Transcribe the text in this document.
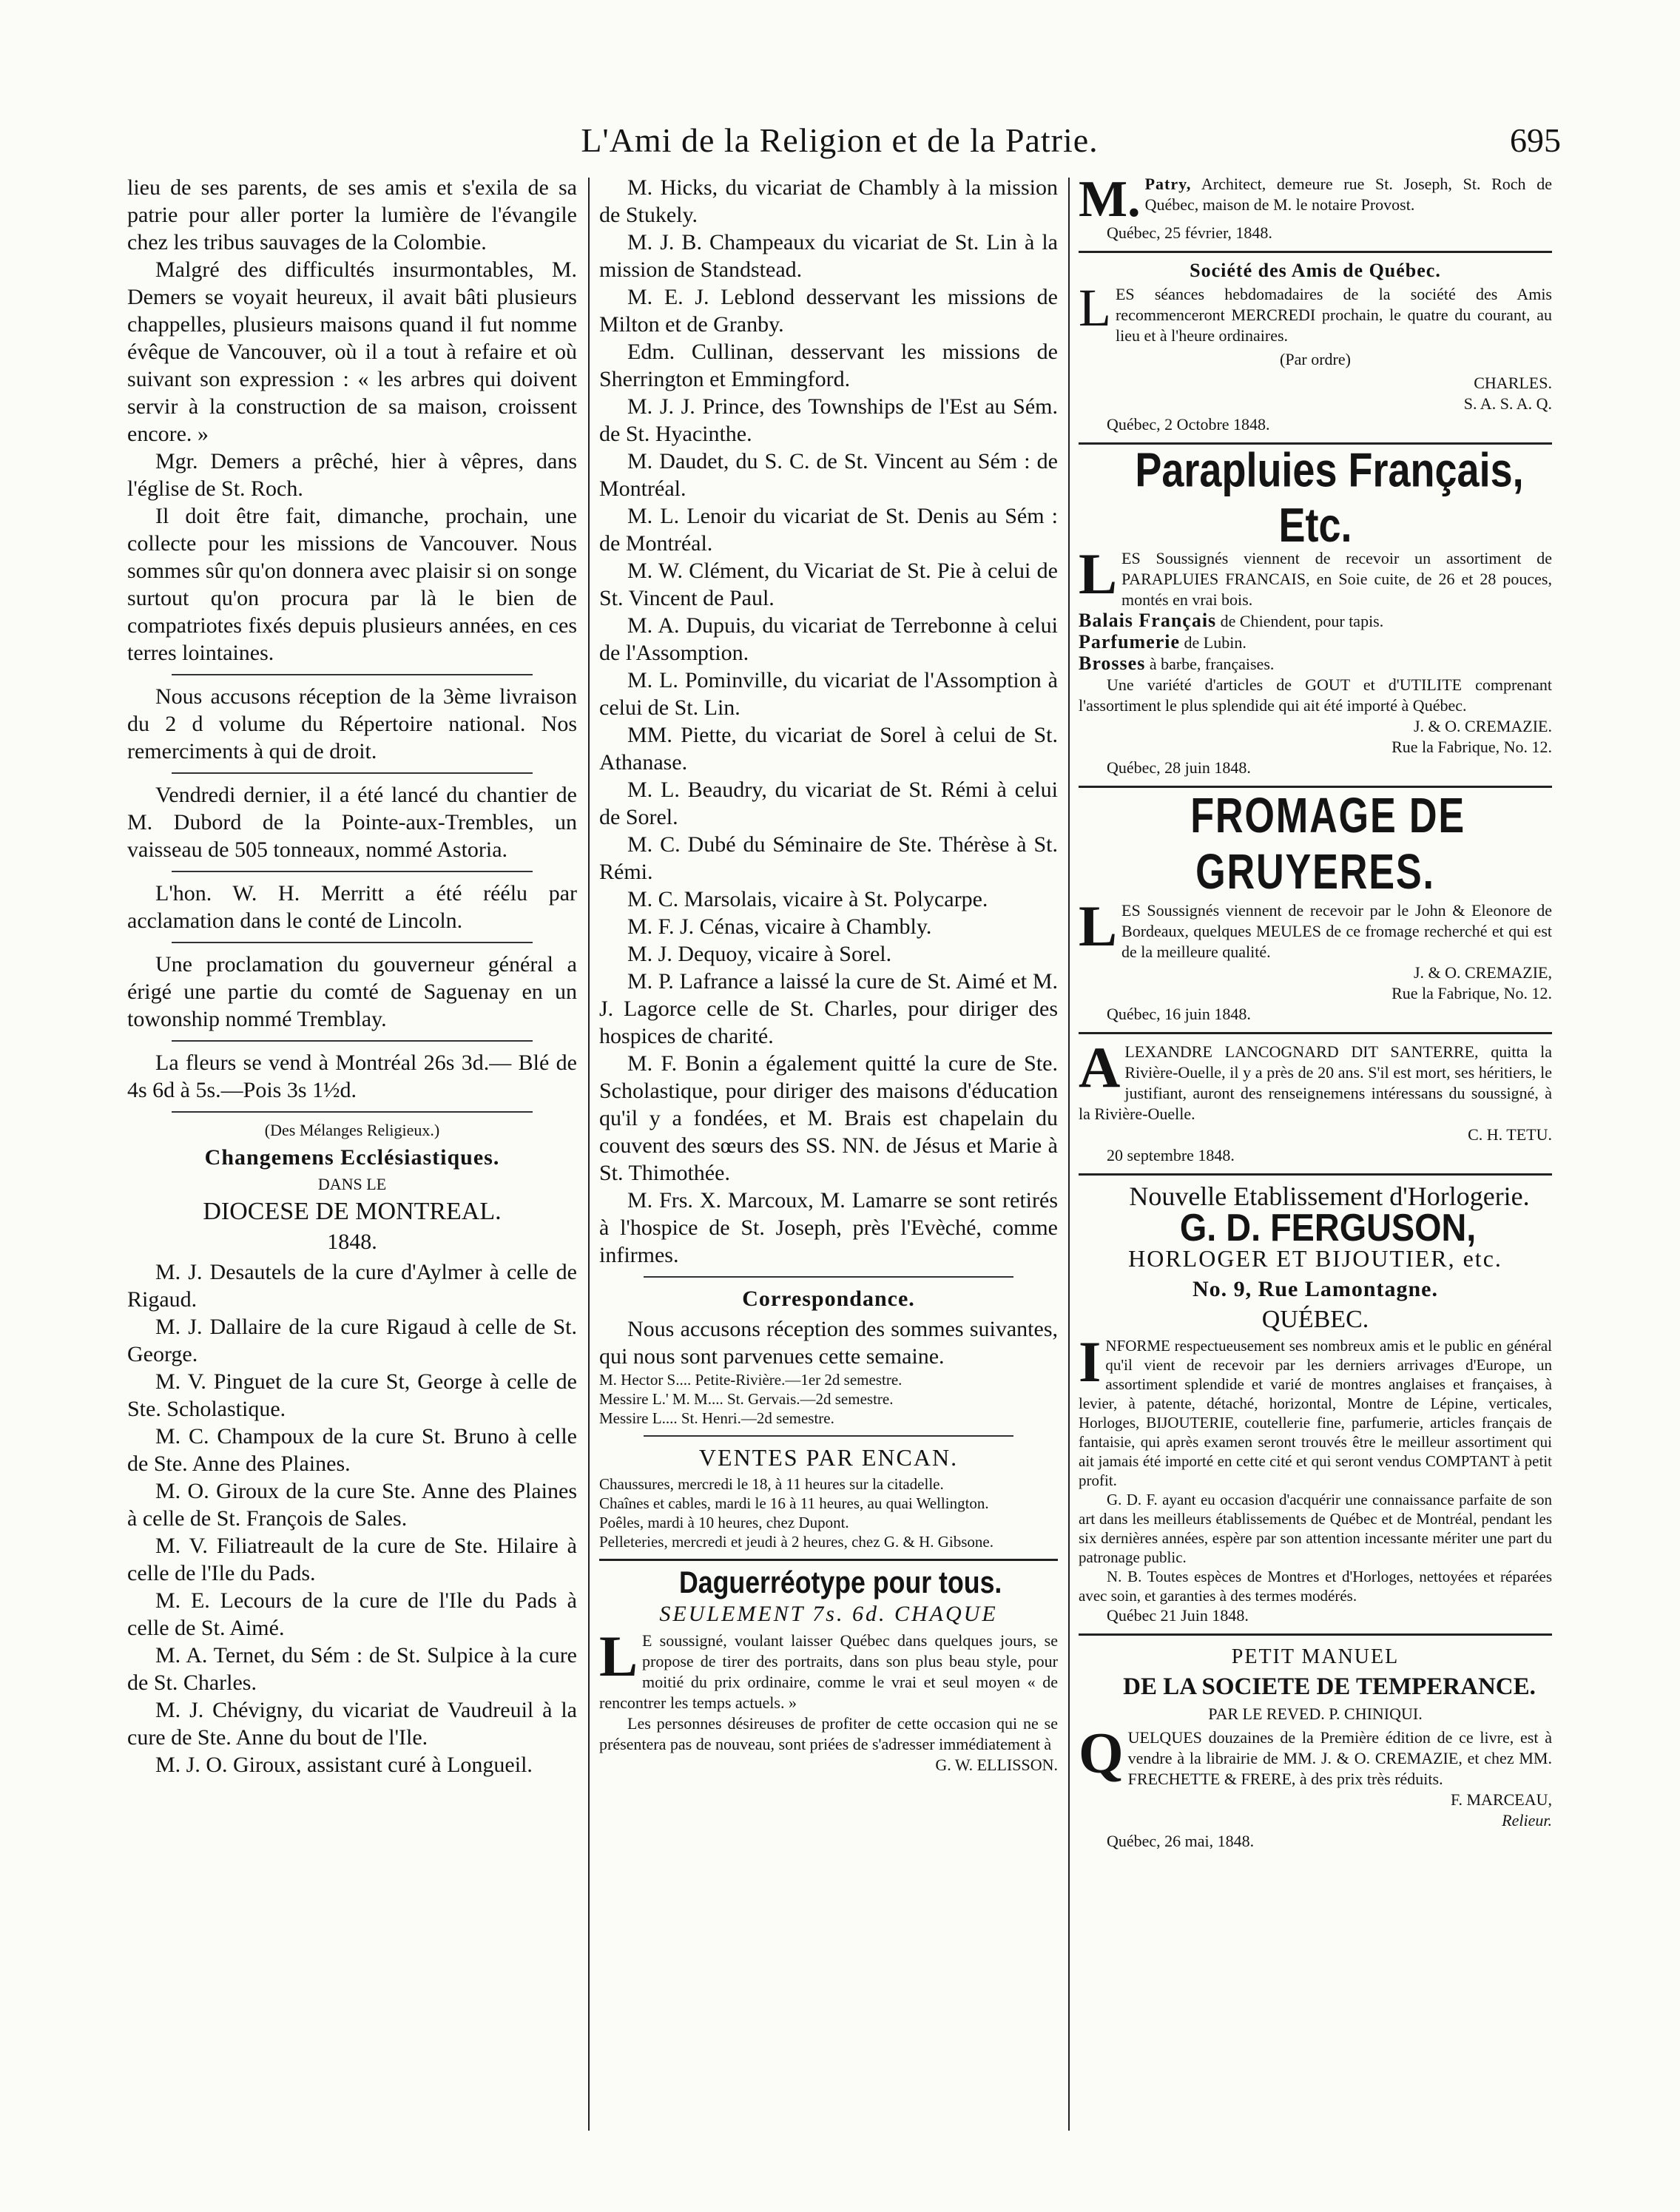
L'Ami de la Religion et de la Patrie.	695

lieu de ses parents, de ses amis et s'exila de sa patrie pour aller porter la lumière de l'évangile chez les tribus sauvages de la Colombie.

Malgré des difficultés insurmontables, M. Demers se voyait heureux, il avait bâti plusieurs chappelles, plusieurs maisons quand il fut nomme évêque de Vancouver, où il a tout à refaire et où suivant son expression : « les arbres qui doivent servir à la construction de sa maison, croissent encore. »

Mgr. Demers a prêché, hier à vêpres, dans l'église de St. Roch.

Il doit être fait, dimanche, prochain, une collecte pour les missions de Vancouver. Nous sommes sûr qu'on donnera avec plaisir si on songe surtout qu'on procura par là le bien de compatriotes fixés depuis plusieurs années, en ces terres lointaines.

Nous accusons réception de la 3ème livraison du 2 d volume du Répertoire national. Nos remerciments à qui de droit.

Vendredi dernier, il a été lancé du chantier de M. Dubord de la Pointe-aux-Trembles, un vaisseau de 505 tonneaux, nommé Astoria.

L'hon. W. H. Merritt a été réélu par acclamation dans le conté de Lincoln.

Une proclamation du gouverneur général a érigé une partie du comté de Saguenay en un towonship nommé Tremblay.

La fleurs se vend à Montréal 26s 3d.— Blé de 4s 6d à 5s.—Pois 3s 1½d.

(Des Mélanges Religieux.)

Changemens Ecclésiastiques.

DANS LE

DIOCESE DE MONTREAL.

1848.

M. J. Desautels de la cure d'Aylmer à celle de Rigaud.

M. J. Dallaire de la cure Rigaud à celle de St. George.

M. V. Pinguet de la cure St, George à celle de Ste. Scholastique.

M. C. Champoux de la cure St. Bruno à celle de Ste. Anne des Plaines.

M. O. Giroux de la cure Ste. Anne des Plaines à celle de St. François de Sales.

M. V. Filiatreault de la cure de Ste. Hilaire à celle de l'Ile du Pads.

M. E. Lecours de la cure de l'Ile du Pads à celle de St. Aimé.

M. A. Ternet, du Sém : de St. Sulpice à la cure de St. Charles.

M. J. Chévigny, du vicariat de Vaudreuil à la cure de Ste. Anne du bout de l'Ile.

M. J. O. Giroux, assistant curé à Longueil.

M. Hicks, du vicariat de Chambly à la mission de Stukely.

M. J. B. Champeaux du vicariat de St. Lin à la mission de Standstead.

M. E. J. Leblond desservant les missions de Milton et de Granby.

Edm. Cullinan, desservant les missions de Sherrington et Emmingford.

M. J. J. Prince, des Townships de l'Est au Sém. de St. Hyacinthe.

M. Daudet, du S. C. de St. Vincent au Sém : de Montréal.

M. L. Lenoir du vicariat de St. Denis au Sém : de Montréal.

M. W. Clément, du Vicariat de St. Pie à celui de St. Vincent de Paul.

M. A. Dupuis, du vicariat de Terrebonne à celui de l'Assomption.

M. L. Pominville, du vicariat de l'Assomption à celui de St. Lin.

MM. Piette, du vicariat de Sorel à celui de St. Athanase.

M. L. Beaudry, du vicariat de St. Rémi à celui de Sorel.

M. C. Dubé du Séminaire de Ste. Thérèse à St. Rémi.

M. C. Marsolais, vicaire à St. Polycarpe.

M. F. J. Cénas, vicaire à Chambly.

M. J. Dequoy, vicaire à Sorel.

M. P. Lafrance a laissé la cure de St. Aimé et M. J. Lagorce celle de St. Charles, pour diriger des hospices de charité.

M. F. Bonin a également quitté la cure de Ste. Scholastique, pour diriger des maisons d'éducation qu'il y a fondées, et M. Brais est chapelain du couvent des sœurs des SS. NN. de Jésus et Marie à St. Thimothée.

M. Frs. X. Marcoux, M. Lamarre se sont retirés à l'hospice de St. Joseph, près l'Evèché, comme infirmes.

Correspondance.

Nous accusons réception des sommes suivantes, qui nous sont parvenues cette semaine.

M. Hector S.... Petite-Rivière.—1er 2d semestre.

Messire L.' M. M.... St. Gervais.—2d semestre.

Messire L.... St. Henri.—2d semestre.

VENTES PAR ENCAN.

Chaussures, mercredi le 18, à 11 heures sur la citadelle.

Chaînes et cables, mardi le 16 à 11 heures, au quai Wellington.

Poêles, mardi à 10 heures, chez Dupont.

Pelleteries, mercredi et jeudi à 2 heures, chez G. & H. Gibsone.

Daguerréotype pour tous.

SEULEMENT 7s. 6d. CHAQUE

L E soussigné, voulant laisser Québec dans quelques jours, se propose de tirer des portraits, dans son plus beau style, pour moitié du prix ordinaire, comme le vrai et seul moyen « de rencontrer les temps actuels. »

Les personnes désireuses de profiter de cette occasion qui ne se présentera pas de nouveau, sont priées de s'adresser immédiatement à

G. W. ELLISSON.

M. Patry, Architect, demeure rue St. Joseph, St. Roch de Québec, maison de M. le notaire Provost.

Québec, 25 février, 1848.

Société des Amis de Québec.

LES séances hebdomadaires de la société des Amis recommenceront MERCREDI prochain, le quatre du courant, au lieu et à l'heure ordinaires.

(Par ordre)

CHARLES.

S. A. S. A. Q.

Québec, 2 Octobre 1848.

Parapluies Français, Etc.

LES Soussignés viennent de recevoir un assortiment de PARAPLUIES FRANCAIS, en Soie cuite, de 26 et 28 pouces, montés en vrai bois.

Balais Français de Chiendent, pour tapis.

Parfumerie de Lubin.

Brosses à barbe, françaises.

Une variété d'articles de GOUT et d'UTILITE comprenant l'assortiment le plus splendide qui ait été importé à Québec.

J. & O. CREMAZIE.

Rue la Fabrique, No. 12.

Québec, 28 juin 1848.

FROMAGE DE GRUYERES.

LES Soussignés viennent de recevoir par le John & Eleonore de Bordeaux, quelques MEULES de ce fromage recherché et qui est de la meilleure qualité.

J. & O. CREMAZIE,

Rue la Fabrique, No. 12.

Québec, 16 juin 1848.

ALEXANDRE LANCOGNARD DIT SANTERRE, quitta la Rivière-Ouelle, il y a près de 20 ans. S'il est mort, ses héritiers, le justifiant, auront des renseignemens intéressans du soussigné, à la Rivière-Ouelle.

C. H. TETU.

20 septembre 1848.

Nouvelle Etablissement d'Horlogerie.

G. D. FERGUSON,

HORLOGER ET BIJOUTIER, etc.

No. 9, Rue Lamontagne.

QUÉBEC.

INFORME respectueusement ses nombreux amis et le public en général qu'il vient de recevoir par les derniers arrivages d'Europe, un assortiment splendide et varié de montres anglaises et françaises, à levier, à patente, détaché, horizontal, Montre de Lépine, verticales, Horloges, BIJOUTERIE, coutellerie fine, parfumerie, articles français de fantaisie, qui après examen seront trouvés être le meilleur assortiment qui ait jamais été importé en cette cité et qui seront vendus COMPTANT à petit profit.

G. D. F. ayant eu occasion d'acquérir une connaissance parfaite de son art dans les meilleurs établissements de Québec et de Montréal, pendant les six dernières années, espère par son attention incessante mériter une part du patronage public.

N. B. Toutes espèces de Montres et d'Horloges, nettoyées et réparées avec soin, et garanties à des termes modérés.

Québec 21 Juin 1848.

PETIT MANUEL

DE LA SOCIETE DE TEMPERANCE.

PAR LE REVED. P. CHINIQUI.

QUELQUES douzaines de la Première édition de ce livre, est à vendre à la librairie de MM. J. & O. CREMAZIE, et chez MM. FRECHETTE & FRERE, à des prix très réduits.

F. MARCEAU,

Relieur.

Québec, 26 mai, 1848.
